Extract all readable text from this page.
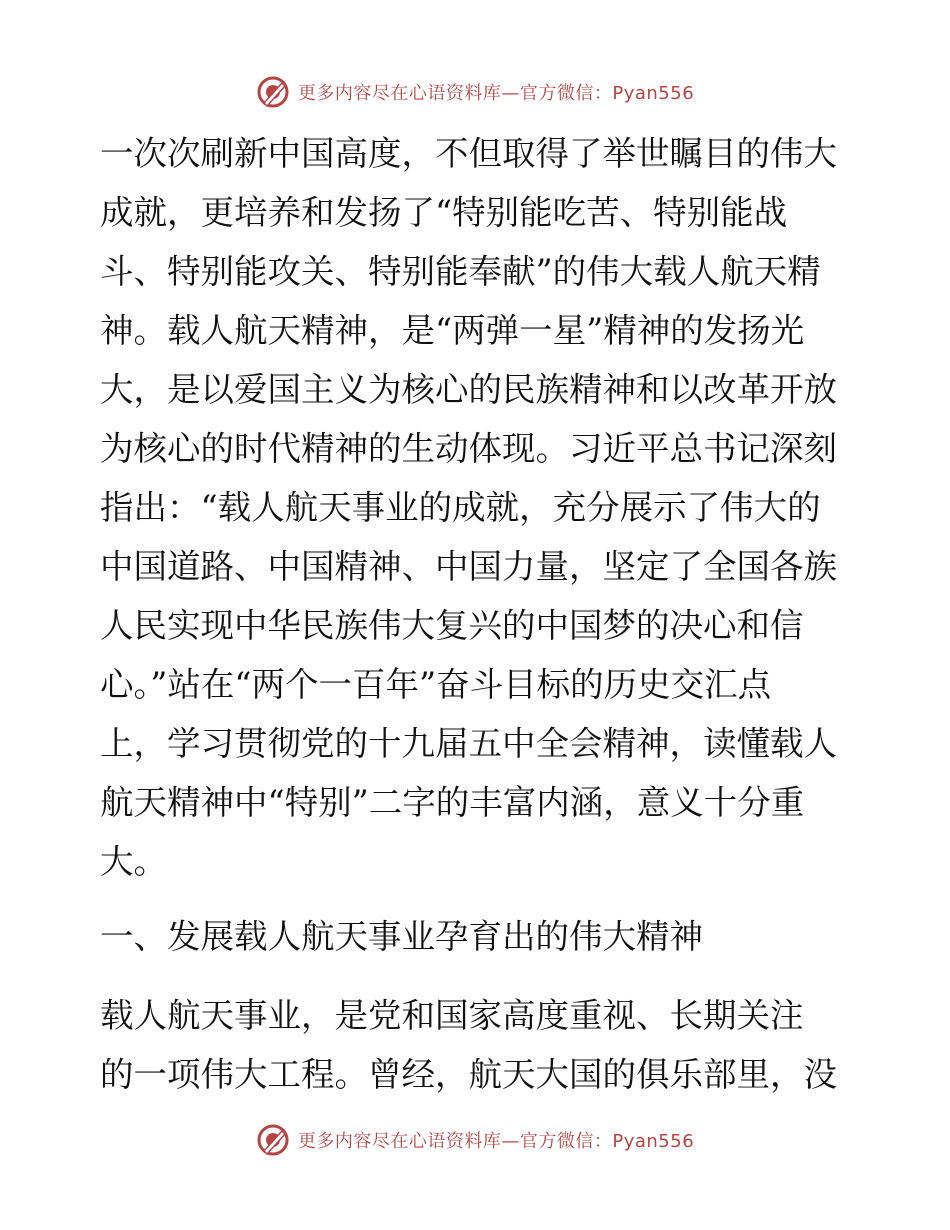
更多内容尽在心语资料库—官方微信：Pyan556
一次次刷新中国高度，不但取得了举世瞩目的伟大
成就，更培养和发扬了“特别能吃苦、特别能战
斗、特别能攻关、特别能奉献”的伟大载人航天精
神。载人航天精神，是“两弹一星”精神的发扬光
大，是以爱国主义为核心的民族精神和以改革开放
为核心的时代精神的生动体现。习近平总书记深刻
指出：“载人航天事业的成就，充分展示了伟大的
中国道路、中国精神、中国力量，坚定了全国各族
人民实现中华民族伟大复兴的中国梦的决心和信
心。”站在“两个一百年”奋斗目标的历史交汇点
上，学习贯彻党的十九届五中全会精神，读懂载人
航天精神中“特别”二字的丰富内涵，意义十分重
大。
一、发展载人航天事业孕育出的伟大精神
载人航天事业，是党和国家高度重视、长期关注
的一项伟大工程。曾经，航天大国的俱乐部里，没
更多内容尽在心语资料库—官方微信：Pyan556
